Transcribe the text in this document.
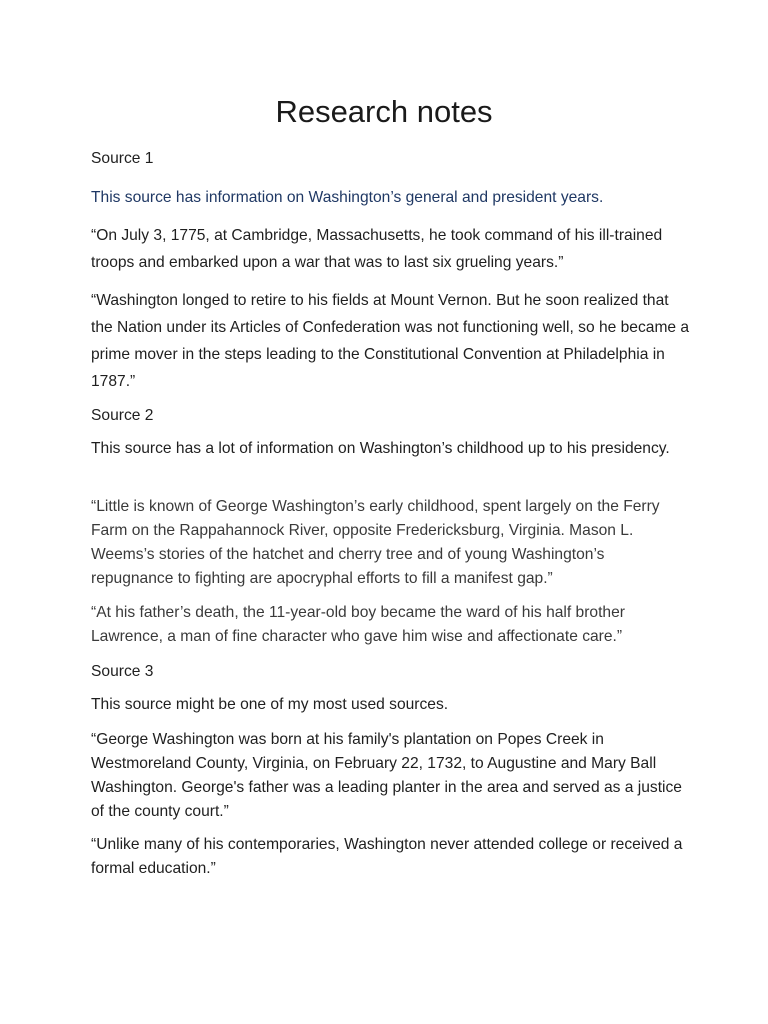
Research notes

Source 1

This source has information on Washington’s general and president years.

“On July 3, 1775, at Cambridge, Massachusetts, he took command of his ill-trained troops and embarked upon a war that was to last six grueling years.”

“Washington longed to retire to his fields at Mount Vernon. But he soon realized that the Nation under its Articles of Confederation was not functioning well, so he became a prime mover in the steps leading to the Constitutional Convention at Philadelphia in 1787.”

Source 2

This source has a lot of information on Washington’s childhood up to his presidency.

“Little is known of George Washington’s early childhood, spent largely on the Ferry Farm on the Rappahannock River, opposite Fredericksburg, Virginia. Mason L. Weems’s stories of the hatchet and cherry tree and of young Washington’s repugnance to fighting are apocryphal efforts to fill a manifest gap.”

“At his father’s death, the 11-year-old boy became the ward of his half brother Lawrence, a man of fine character who gave him wise and affectionate care.”

Source 3

This source might be one of my most used sources.

“George Washington was born at his family's plantation on Popes Creek in Westmoreland County, Virginia, on February 22, 1732, to Augustine and Mary Ball Washington. George's father was a leading planter in the area and served as a justice of the county court.”

“Unlike many of his contemporaries, Washington never attended college or received a formal education.”
